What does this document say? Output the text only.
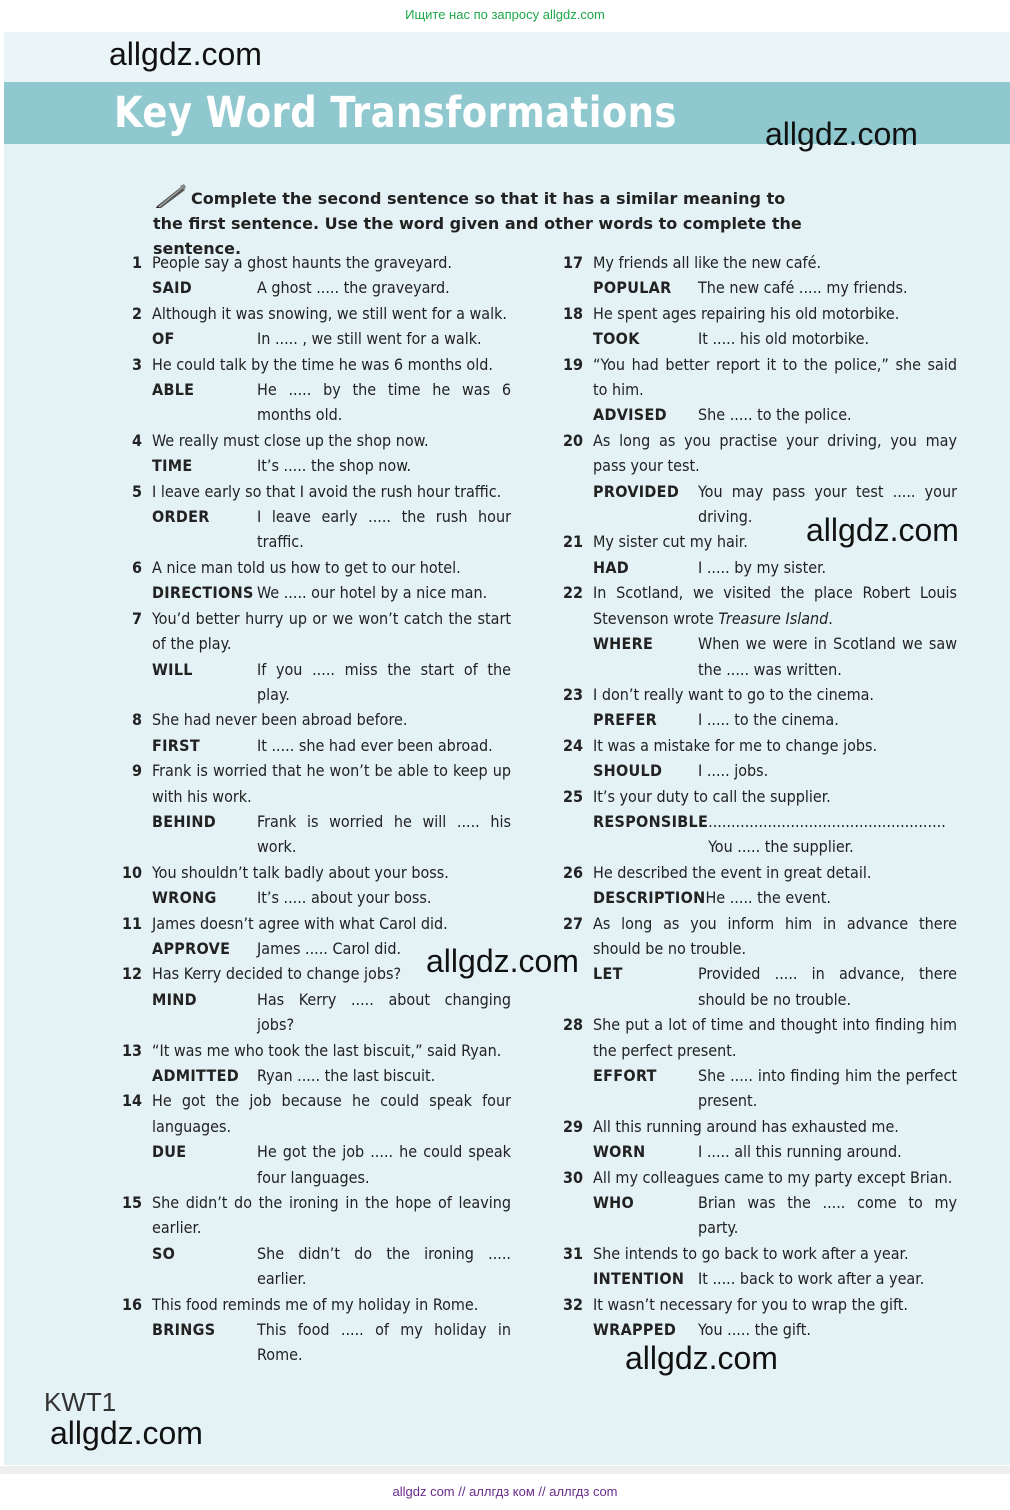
Ищите нас по запросу allgdz.com
Key Word Transformations
Complete the second sentence so that it has a similar meaning to the first sentence. Use the word given and other words to complete the sentence.
1 People say a ghost haunts the graveyard.
SAID	A ghost ..... the graveyard.
2 Although it was snowing, we still went for a walk.
OF	In ..... , we still went for a walk.
3 He could talk by the time he was 6 months old.
ABLE	He ..... by the time he was 6 months old.
4 We really must close up the shop now.
TIME	It’s ..... the shop now.
5 I leave early so that I avoid the rush hour traffic.
ORDER	I leave early ..... the rush hour traffic.
6 A nice man told us how to get to our hotel.
DIRECTIONS We ..... our hotel by a nice man.
7 You’d better hurry up or we won’t catch the start of the play.
WILL	If you ..... miss the start of the play.
8 She had never been abroad before.
FIRST	It ..... she had ever been abroad.
9 Frank is worried that he won’t be able to keep up with his work.
BEHIND	Frank is worried he will ..... his work.
10 You shouldn’t talk badly about your boss.
WRONG	It’s ..... about your boss.
11 James doesn’t agree with what Carol did.
APPROVE	James ..... Carol did.
12 Has Kerry decided to change jobs?
MIND	Has Kerry ..... about changing jobs?
13 “It was me who took the last biscuit,” said Ryan.
ADMITTED	Ryan ..... the last biscuit.
14 He got the job because he could speak four languages.
DUE	He got the job ..... he could speak four languages.
15 She didn’t do the ironing in the hope of leaving earlier.
SO	She didn’t do the ironing ..... earlier.
16 This food reminds me of my holiday in Rome.
BRINGS	This food ..... of my holiday in Rome.
17 My friends all like the new café.
POPULAR	The new café ..... my friends.
18 He spent ages repairing his old motorbike.
TOOK	It ..... his old motorbike.
19 “You had better report it to the police,” she said to him.
ADVISED	She ..... to the police.
20 As long as you practise your driving, you may pass your test.
PROVIDED	You may pass your test ..... your driving.
21 My sister cut my hair.
HAD	I ..... by my sister.
22 In Scotland, we visited the place Robert Louis Stevenson wrote Treasure Island.
WHERE	When we were in Scotland we saw the ..... was written.
23 I don’t really want to go to the cinema.
PREFER	I ..... to the cinema.
24 It was a mistake for me to change jobs.
SHOULD	I ..... jobs.
25 It’s your duty to call the supplier.
RESPONSIBLE ....................................................
You ..... the supplier.
26 He described the event in great detail.
DESCRIPTION He ..... the event.
27 As long as you inform him in advance there should be no trouble.
LET	Provided ..... in advance, there should be no trouble.
28 She put a lot of time and thought into finding him the perfect present.
EFFORT	She ..... into finding him the perfect present.
29 All this running around has exhausted me.
WORN	I ..... all this running around.
30 All my colleagues came to my party except Brian.
WHO	Brian was the ..... come to my party.
31 She intends to go back to work after a year.
INTENTION It ..... back to work after a year.
32 It wasn’t necessary for you to wrap the gift.
WRAPPED	You ..... the gift.
KWT1
allgdz.com
allgdz.com
allgdz.com
allgdz.com
allgdz.com
allgdz.com
allgdz com // аллгдз ком // аллгдз com
